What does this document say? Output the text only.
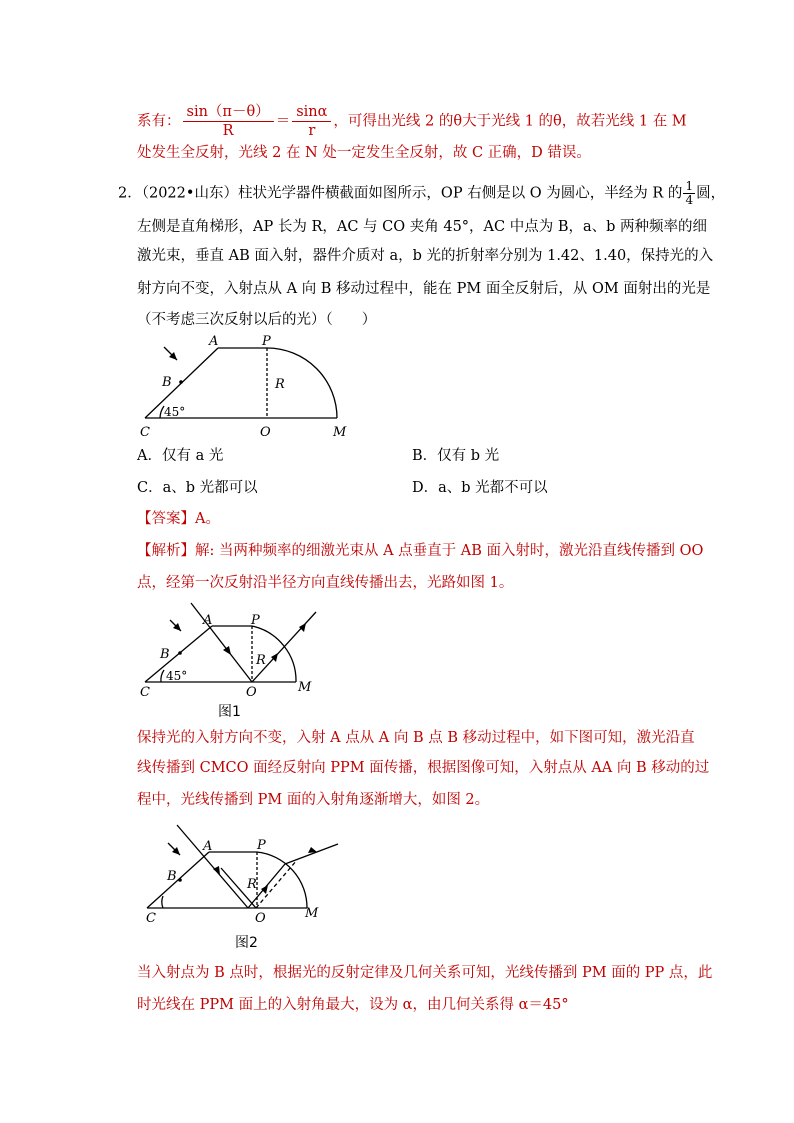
系有： $\frac{\sin(\pi-\theta)}{R} = \frac{\sin\alpha}{r}$ ，可得出光线 2 的θ大于光线 1 的θ，故若光线 1 在 M
处发生全反射，光线 2 在 N 处一定发生全反射，故 C 正确，D 错误。
2．（2022•山东）柱状光学器件横截面如图所示，OP 右侧是以 O 为圆心，半经为 R 的 $\frac{1}{4}$ 圆，
左侧是直角梯形，AP 长为 R，AC 与 CO 夹角 45°，AC 中点为 B，a、b 两种频率的细
激光束，垂直 AB 面入射，器件介质对 a，b 光的折射率分别为 1.42、1.40，保持光的入
射方向不变，入射点从 A 向 B 移动过程中，能在 PM 面全反射后，从 OM 面射出的光是
（不考虑三次反射以后的光）（　　）
A	P
B	R
C	O	M
45°
A．仅有 a 光	B．仅有 b 光
C．a、b 光都可以	D．a、b 光都不可以
【答案】A。
【解析】解: 当两种频率的细激光束从 A 点垂直于 AB 面入射时，激光沿直线传播到 OO
点，经第一次反射沿半径方向直线传播出去，光路如图 1。
A	P
B	R
C	O	M
45°
图1
保持光的入射方向不变，入射 A 点从 A 向 B 点 B 移动过程中，如下图可知，激光沿直
线传播到 CMCO 面经反射向 PPM 面传播，根据图像可知，入射点从 AA 向 B 移动的过
程中，光线传播到 PM 面的入射角逐渐增大，如图 2。
A	P
B
R
C	O	M
图2
当入射点为 B 点时，根据光的反射定律及几何关系可知，光线传播到 PM 面的 PP 点，此
时光线在 PPM 面上的入射角最大，设为 α，由几何关系得 α＝45°
